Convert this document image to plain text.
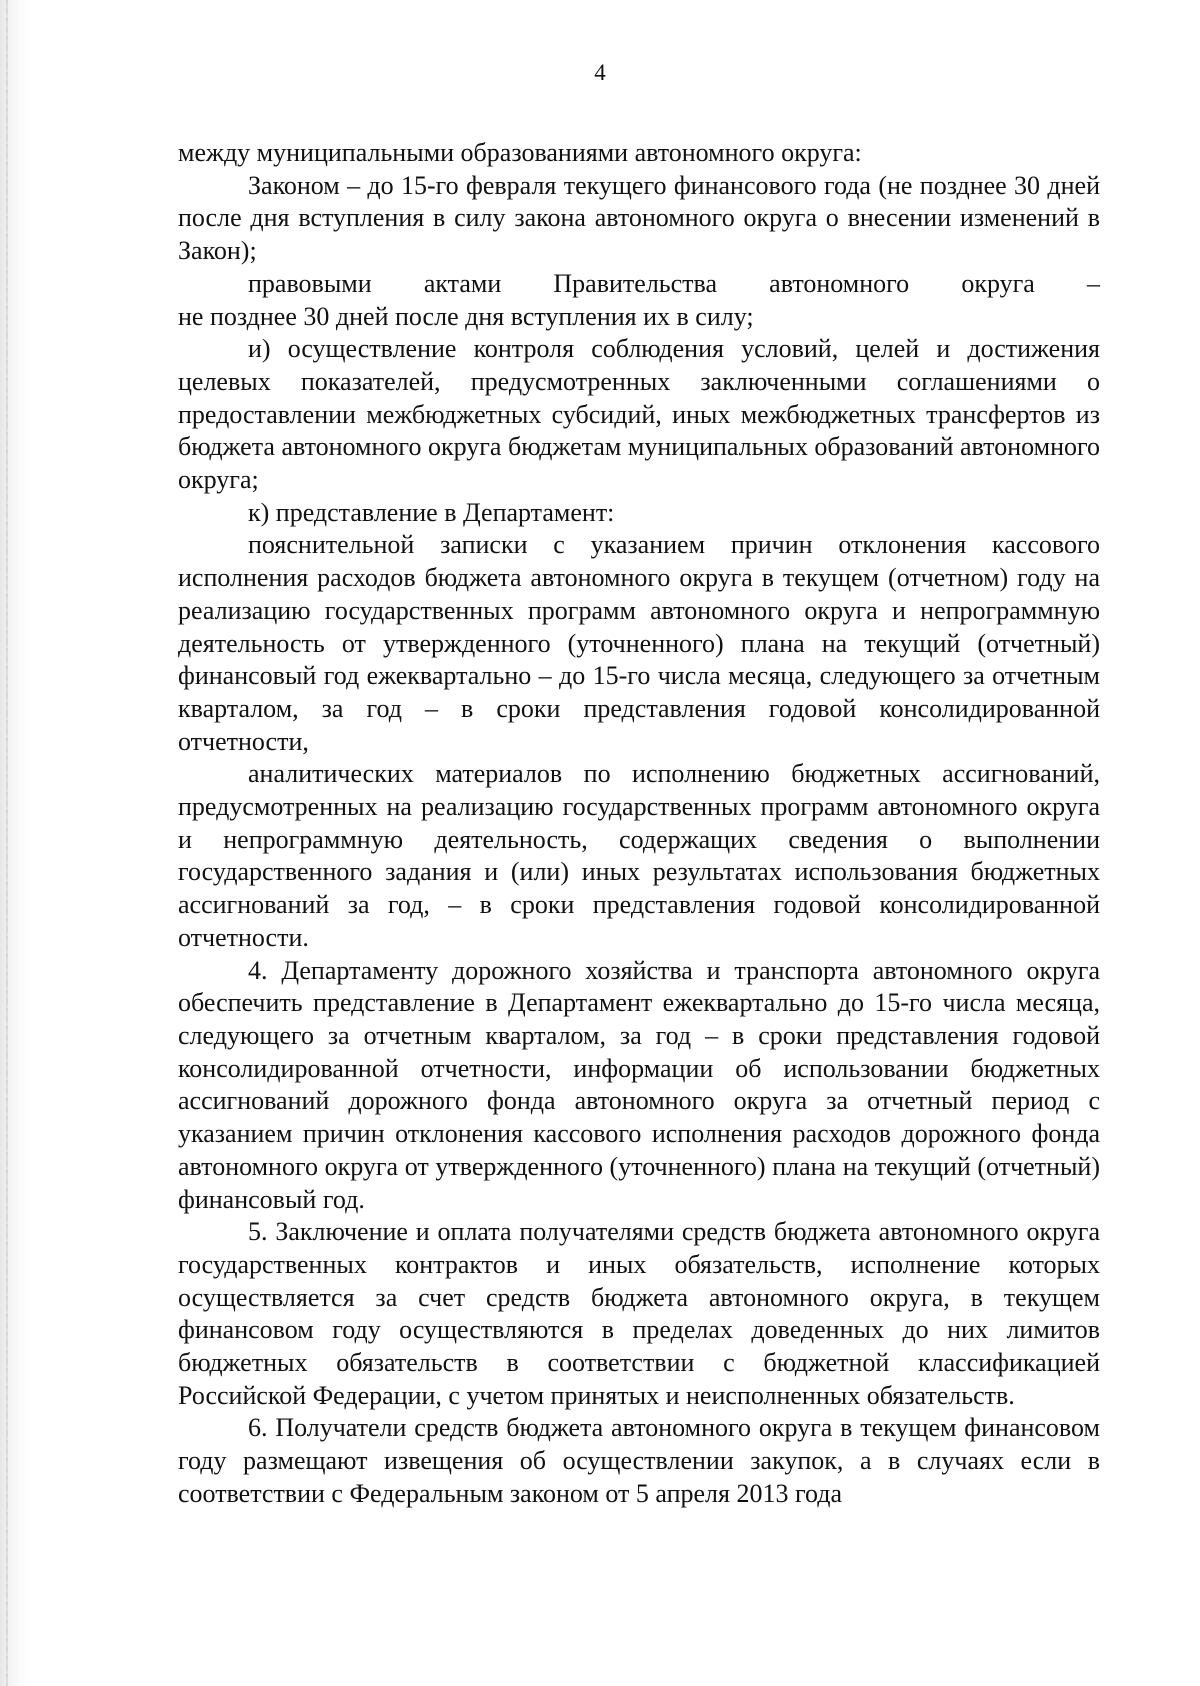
4

между муниципальными образованиями автономного округа:

Законом – до 15-го февраля текущего финансового года (не позднее 30 дней после дня вступления в силу закона автономного округа о внесении изменений в Закон);

правовыми актами Правительства автономного округа –

не позднее 30 дней после дня вступления их в силу;

и) осуществление контроля соблюдения условий, целей и достижения целевых показателей, предусмотренных заключенными соглашениями о предоставлении межбюджетных субсидий, иных межбюджетных трансфертов из бюджета автономного округа бюджетам муниципальных образований автономного округа;

к) представление в Департамент:

пояснительной записки с указанием причин отклонения кассового исполнения расходов бюджета автономного округа в текущем (отчетном) году на реализацию государственных программ автономного округа и непрограммную деятельность от утвержденного (уточненного) плана на текущий (отчетный) финансовый год ежеквартально – до 15-го числа месяца, следующего за отчетным кварталом, за год – в сроки представления годовой консолидированной отчетности,

аналитических материалов по исполнению бюджетных ассигнований, предусмотренных на реализацию государственных программ автономного округа и непрограммную деятельность, содержащих сведения о выполнении государственного задания и (или) иных результатах использования бюджетных ассигнований за год, – в сроки представления годовой консолидированной отчетности.

4. Департаменту дорожного хозяйства и транспорта автономного округа обеспечить представление в Департамент ежеквартально до 15-го числа месяца, следующего за отчетным кварталом, за год – в сроки представления годовой консолидированной отчетности, информации об использовании бюджетных ассигнований дорожного фонда автономного округа за отчетный период с указанием причин отклонения кассового исполнения расходов дорожного фонда автономного округа от утвержденного (уточненного) плана на текущий (отчетный) финансовый год.

5. Заключение и оплата получателями средств бюджета автономного округа государственных контрактов и иных обязательств, исполнение которых осуществляется за счет средств бюджета автономного округа, в текущем финансовом году осуществляются в пределах доведенных до них лимитов бюджетных обязательств в соответствии с бюджетной классификацией Российской Федерации, с учетом принятых и неисполненных обязательств.

6. Получатели средств бюджета автономного округа в текущем финансовом году размещают извещения об осуществлении закупок, а в случаях если в соответствии с Федеральным законом от 5 апреля 2013 года
